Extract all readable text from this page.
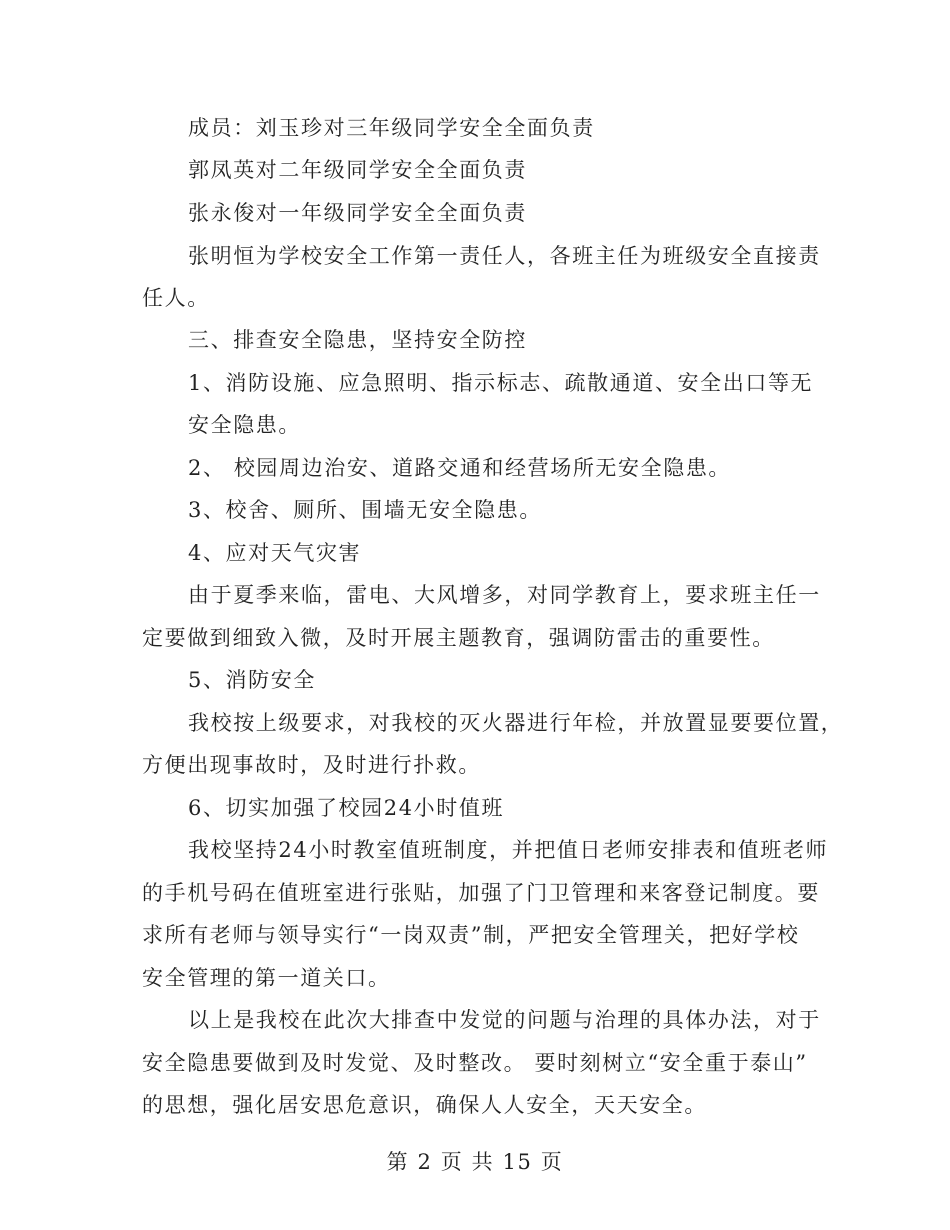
成员：刘玉珍对三年级同学安全全面负责
郭凤英对二年级同学安全全面负责
张永俊对一年级同学安全全面负责
张明恒为学校安全工作第一责任人，各班主任为班级安全直接责
任人。
三、排查安全隐患，坚持安全防控
1、消防设施、应急照明、指示标志、疏散通道、安全出口等无
安全隐患。
2、 校园周边治安、道路交通和经营场所无安全隐患。
3、校舍、厕所、围墙无安全隐患。
4、应对天气灾害
由于夏季来临，雷电、大风增多，对同学教育上，要求班主任一
定要做到细致入微，及时开展主题教育，强调防雷击的重要性。
5、消防安全
我校按上级要求，对我校的灭火器进行年检，并放置显要要位置，
方便出现事故时，及时进行扑救。
6、切实加强了校园24小时值班
我校坚持24小时教室值班制度，并把值日老师安排表和值班老师
的手机号码在值班室进行张贴，加强了门卫管理和来客登记制度。要
求所有老师与领导实行“一岗双责”制，严把安全管理关，把好学校
安全管理的第一道关口。
以上是我校在此次大排查中发觉的问题与治理的具体办法，对于
安全隐患要做到及时发觉、及时整改。 要时刻树立“安全重于泰山”
的思想，强化居安思危意识，确保人人安全，天天安全。
第 2 页 共 15 页
